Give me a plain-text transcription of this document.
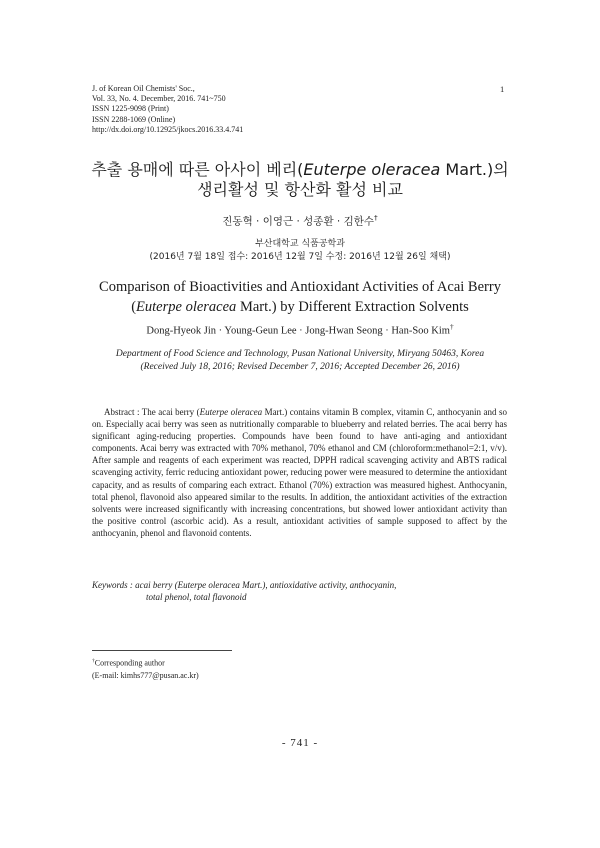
J. of Korean Oil Chemists' Soc.,
Vol. 33, No. 4. December, 2016. 741~750
ISSN 1225-9098 (Print)
ISSN 2288-1069 (Online)
http://dx.doi.org/10.12925/jkocs.2016.33.4.741
1
추출 용매에 따른 아사이 베리(Euterpe oleracea Mart.)의
생리활성 및 항산화 활성 비교
진동혁 · 이영근 · 성종환 · 김한수†
부산대학교 식품공학과
(2016년 7월 18일 접수: 2016년 12월 7일 수정: 2016년 12월 26일 채택)
Comparison of Bioactivities and Antioxidant Activities of Acai Berry
(Euterpe oleracea Mart.) by Different Extraction Solvents
Dong-Hyeok Jin · Young-Geun Lee · Jong-Hwan Seong · Han-Soo Kim†
Department of Food Science and Technology, Pusan National University, Miryang 50463, Korea
(Received July 18, 2016; Revised December 7, 2016; Accepted December 26, 2016)
Abstract : The acai berry (Euterpe oleracea Mart.) contains vitamin B complex, vitamin C, anthocyanin and so on. Especially acai berry was seen as nutritionally comparable to blueberry and related berries. The acai berry has significant aging-reducing properties. Compounds have been found to have anti-aging and antioxidant components. Acai berry was extracted with 70% methanol, 70% ethanol and CM (chloroform:methanol=2:1, v/v). After sample and reagents of each experiment was reacted, DPPH radical scavenging activity and ABTS radical scavenging activity, ferric reducing antioxidant power, reducing power were measured to determine the antioxidant capacity, and as results of comparing each extract. Ethanol (70%) extraction was measured highest. Anthocyanin, total phenol, flavonoid also appeared similar to the results. In addition, the antioxidant activities of the extraction solvents were increased significantly with increasing concentrations, but showed lower antioxidant activity than the positive control (ascorbic acid). As a result, antioxidant activities of sample supposed to affect by the anthocyanin, phenol and flavonoid contents.
Keywords : acai berry (Euterpe oleracea Mart.), antioxidative activity, anthocyanin,
total phenol, total flavonoid
†Corresponding author
(E-mail: kimhs777@pusan.ac.kr)
- 741 -
